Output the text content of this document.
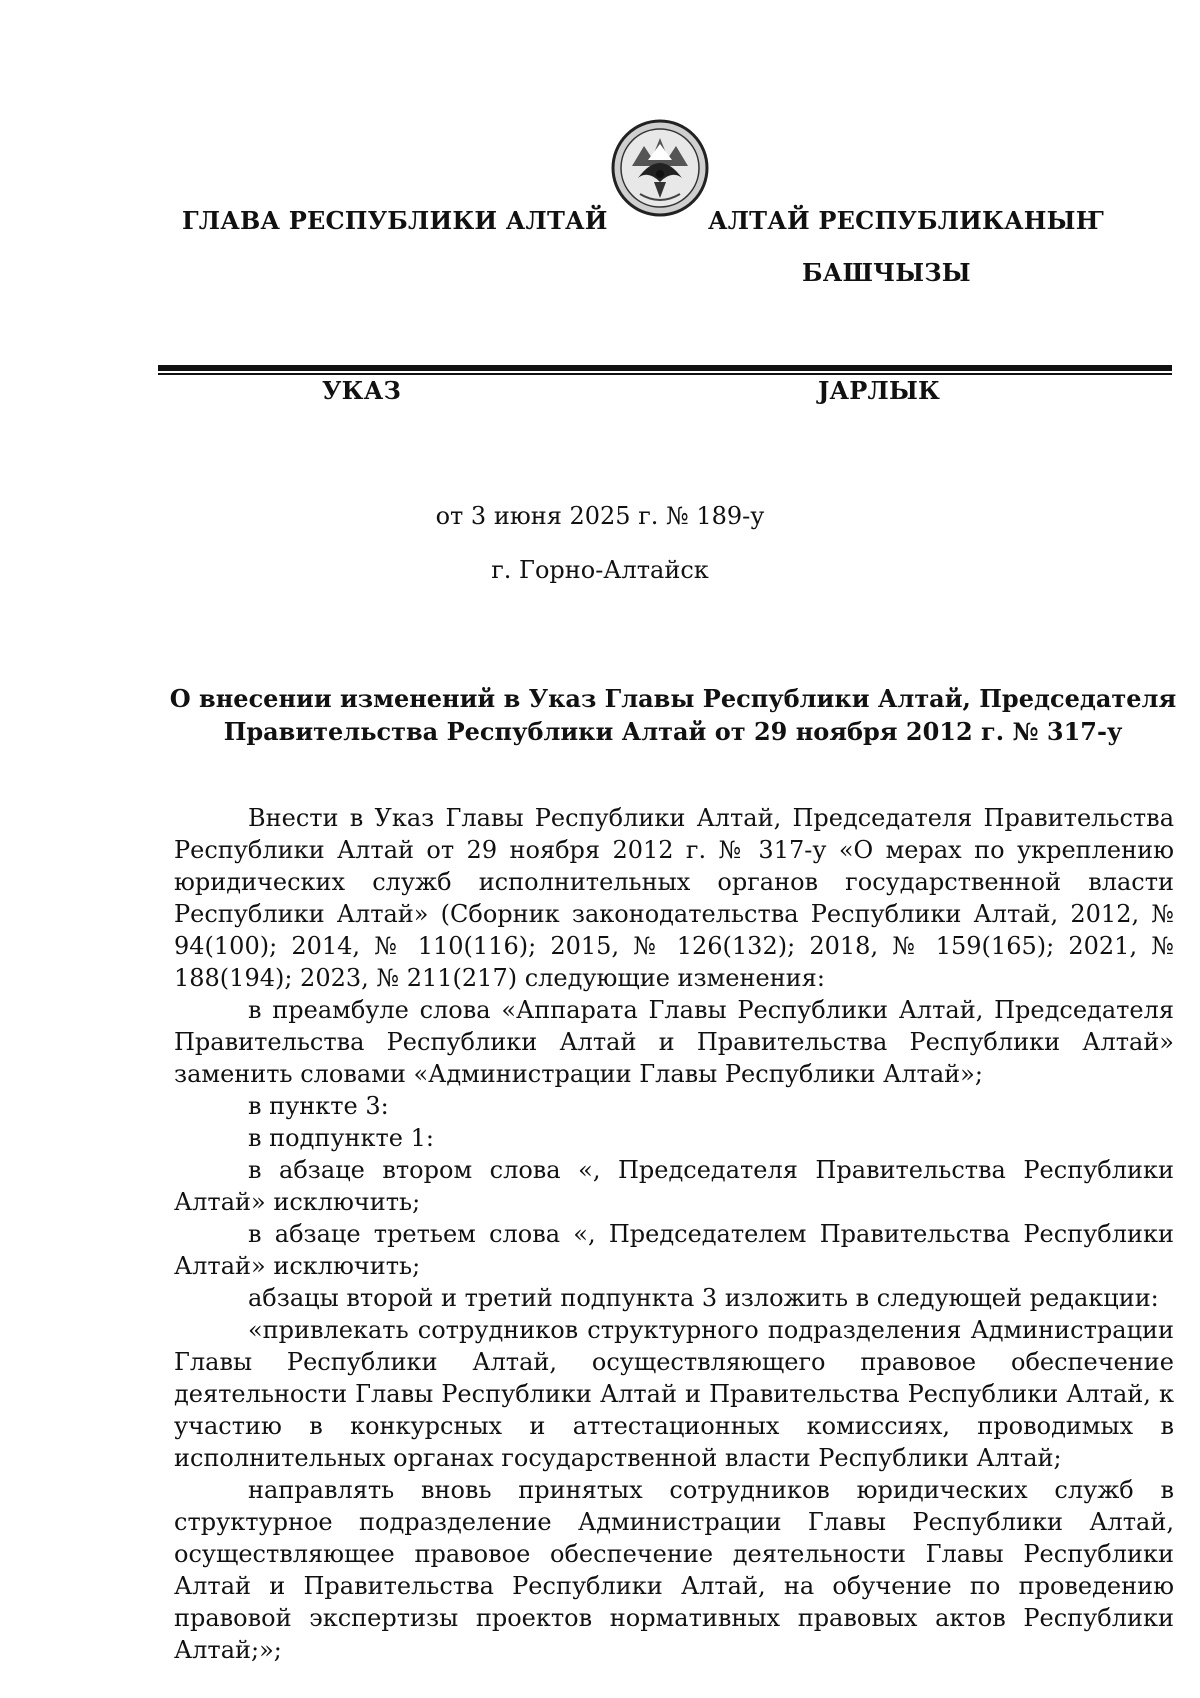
ГЛАВА РЕСПУБЛИКИ АЛТАЙ	АЛТАЙ РЕСПУБЛИКАНЫҤ
БАШЧЫЗЫ
УКАЗ	ЈАРЛЫК
от 3 июня 2025 г. № 189-у
г. Горно-Алтайск
О внесении изменений в Указ Главы Республики Алтай, Председателя
Правительства Республики Алтай от 29 ноября 2012 г. № 317-у

Внести в Указ Главы Республики Алтай, Председателя Правительства Республики Алтай от 29 ноября 2012 г. № 317-у «О мерах по укреплению юридических служб исполнительных органов государственной власти Республики Алтай» (Сборник законодательства Республики Алтай, 2012, № 94(100); 2014, № 110(116); 2015, № 126(132); 2018, № 159(165); 2021, № 188(194); 2023, № 211(217) следующие изменения:

в преамбуле слова «Аппарата Главы Республики Алтай, Председателя Правительства Республики Алтай и Правительства Республики Алтай» заменить словами «Администрации Главы Республики Алтай»;

в пункте 3:

в подпункте 1:

в абзаце втором слова «, Председателя Правительства Республики Алтай» исключить;

в абзаце третьем слова «, Председателем Правительства Республики Алтай» исключить;

абзацы второй и третий подпункта 3 изложить в следующей редакции:

«привлекать сотрудников структурного подразделения Администрации Главы Республики Алтай, осуществляющего правовое обеспечение деятельности Главы Республики Алтай и Правительства Республики Алтай, к участию в конкурсных и аттестационных комиссиях, проводимых в исполнительных органах государственной власти Республики Алтай;

направлять вновь принятых сотрудников юридических служб в структурное подразделение Администрации Главы Республики Алтай, осуществляющее правовое обеспечение деятельности Главы Республики Алтай и Правительства Республики Алтай, на обучение по проведению правовой экспертизы проектов нормативных правовых актов Республики Алтай;»;
